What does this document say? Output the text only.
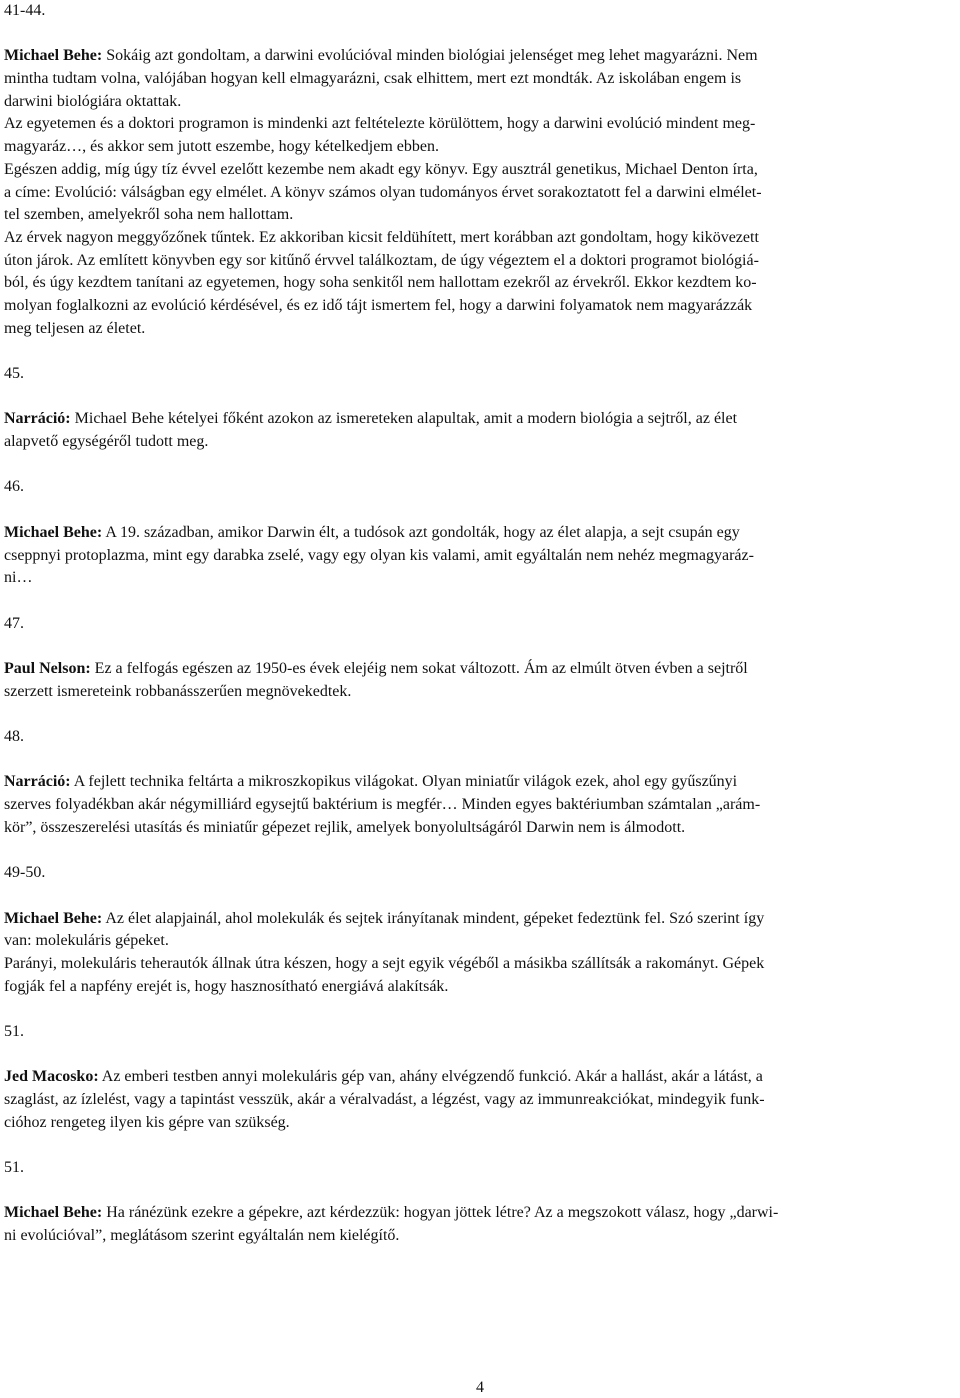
41-44.
Michael Behe: Sokáig azt gondoltam, a darwini evolúcióval minden biológiai jelenséget meg lehet magyarázni. Nem
mintha tudtam volna, valójában hogyan kell elmagyarázni, csak elhittem, mert ezt mondták. Az iskolában engem is
darwini biológiára oktattak.
Az egyetemen és a doktori programon is mindenki azt feltételezte körülöttem, hogy a darwini evolúció mindent meg-
magyaráz…, és akkor sem jutott eszembe, hogy kételkedjem ebben.
Egészen addig, míg úgy tíz évvel ezelőtt kezembe nem akadt egy könyv. Egy ausztrál genetikus, Michael Denton írta,
a címe: Evolúció: válságban egy elmélet. A könyv számos olyan tudományos érvet sorakoztatott fel a darwini elmélet-
tel szemben, amelyekről soha nem hallottam.
Az érvek nagyon meggyőzőnek tűntek. Ez akkoriban kicsit feldühített, mert korábban azt gondoltam, hogy kikövezett
úton járok. Az említett könyvben egy sor kitűnő érvvel találkoztam, de úgy végeztem el a doktori programot biológiá-
ból, és úgy kezdtem tanítani az egyetemen, hogy soha senkitől nem hallottam ezekről az érvekről. Ekkor kezdtem ko-
molyan foglalkozni az evolúció kérdésével, és ez idő tájt ismertem fel, hogy a darwini folyamatok nem magyarázzák
meg teljesen az életet.
45.
Narráció: Michael Behe kételyei főként azokon az ismereteken alapultak, amit a modern biológia a sejtről, az élet
alapvető egységéről tudott meg.
46.
Michael Behe: A 19. században, amikor Darwin élt, a tudósok azt gondolták, hogy az élet alapja, a sejt csupán egy
cseppnyi protoplazma, mint egy darabka zselé, vagy egy olyan kis valami, amit egyáltalán nem nehéz megmagyaráz-
ni…
47.
Paul Nelson: Ez a felfogás egészen az 1950-es évek elejéig nem sokat változott. Ám az elmúlt ötven évben a sejtről
szerzett ismereteink robbanásszerűen megnövekedtek.
48.
Narráció: A fejlett technika feltárta a mikroszkopikus világokat. Olyan miniatűr világok ezek, ahol egy gyűszűnyi
szerves folyadékban akár négymilliárd egysejtű baktérium is megfér… Minden egyes baktériumban számtalan „arám-
kör”, összeszerelési utasítás és miniatűr gépezet rejlik, amelyek bonyolultságáról Darwin nem is álmodott.
49-50.
Michael Behe: Az élet alapjainál, ahol molekulák és sejtek irányítanak mindent, gépeket fedeztünk fel. Szó szerint így
van: molekuláris gépeket.
Parányi, molekuláris teherautók állnak útra készen, hogy a sejt egyik végéből a másikba szállítsák a rakományt. Gépek
fogják fel a napfény erejét is, hogy hasznosítható energiává alakítsák.
51.
Jed Macosko: Az emberi testben annyi molekuláris gép van, ahány elvégzendő funkció. Akár a hallást, akár a látást, a
szaglást, az ízlelést, vagy a tapintást vesszük, akár a véralvadást, a légzést, vagy az immunreakciókat, mindegyik funk-
cióhoz rengeteg ilyen kis gépre van szükség.
51.
Michael Behe: Ha ránézünk ezekre a gépekre, azt kérdezzük: hogyan jöttek létre? Az a megszokott válasz, hogy „darwi-
ni evolúcióval”, meglátásom szerint egyáltalán nem kielégítő.
4
